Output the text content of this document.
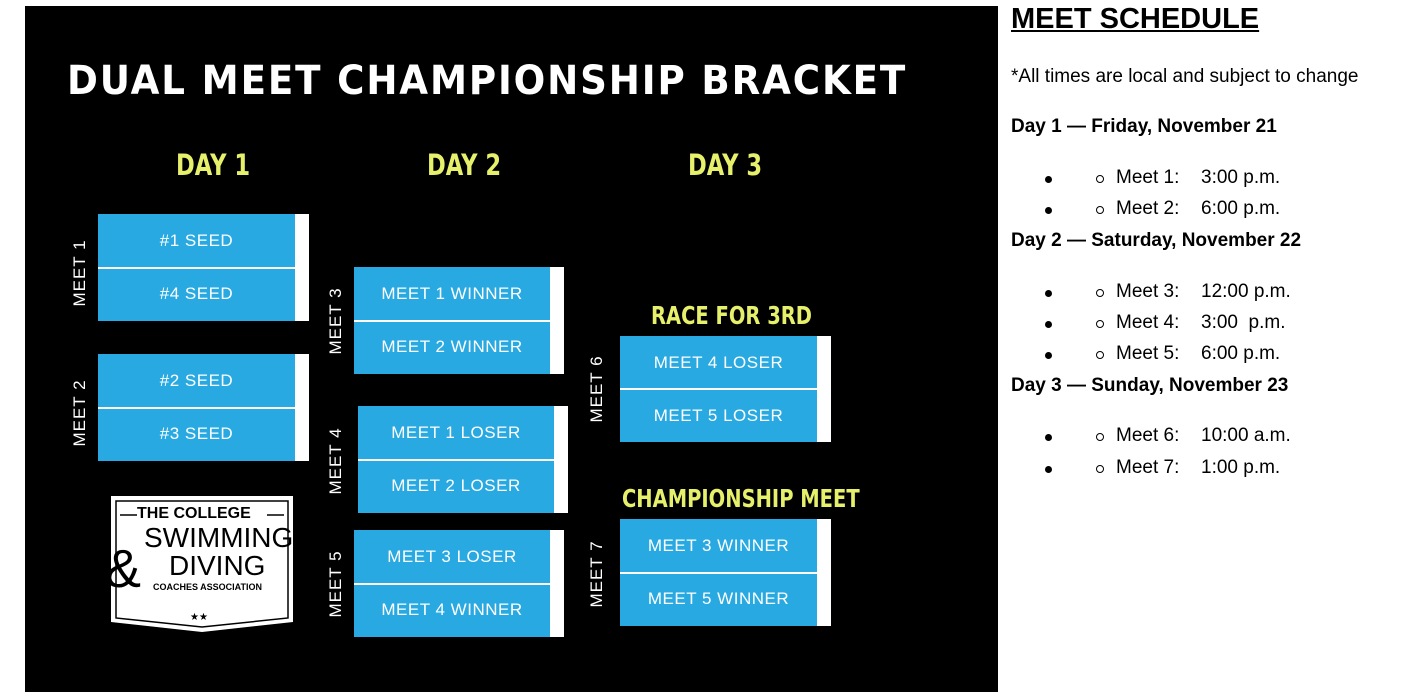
DUAL MEET CHAMPIONSHIP BRACKET
DAY 1	DAY 2	DAY 3
RACE FOR 3RD
CHAMPIONSHIP MEET
MEET 1	#1 SEED
#4 SEED
MEET 2	#2 SEED
#3 SEED
MEET 3	MEET 1 WINNER
MEET 2 WINNER
MEET 4	MEET 1 LOSER
MEET 2 LOSER
MEET 5	MEET 3 LOSER
MEET 4 WINNER
MEET 6	MEET 4 LOSER
MEET 5 LOSER
MEET 7	MEET 3 WINNER
MEET 5 WINNER
THE COLLEGE
SWIMMING
& DIVING
COACHES ASSOCIATION
★★
MEET SCHEDULE
*All times are local and subject to change
Day 1 — Friday, November 21
Meet 1: 3:00 p.m.
Meet 2: 6:00 p.m.
Day 2 — Saturday, November 22
Meet 3: 12:00 p.m.
Meet 4: 3:00  p.m.
Meet 5: 6:00 p.m.
Day 3 — Sunday, November 23
Meet 6: 10:00 a.m.
Meet 7: 1:00 p.m.
